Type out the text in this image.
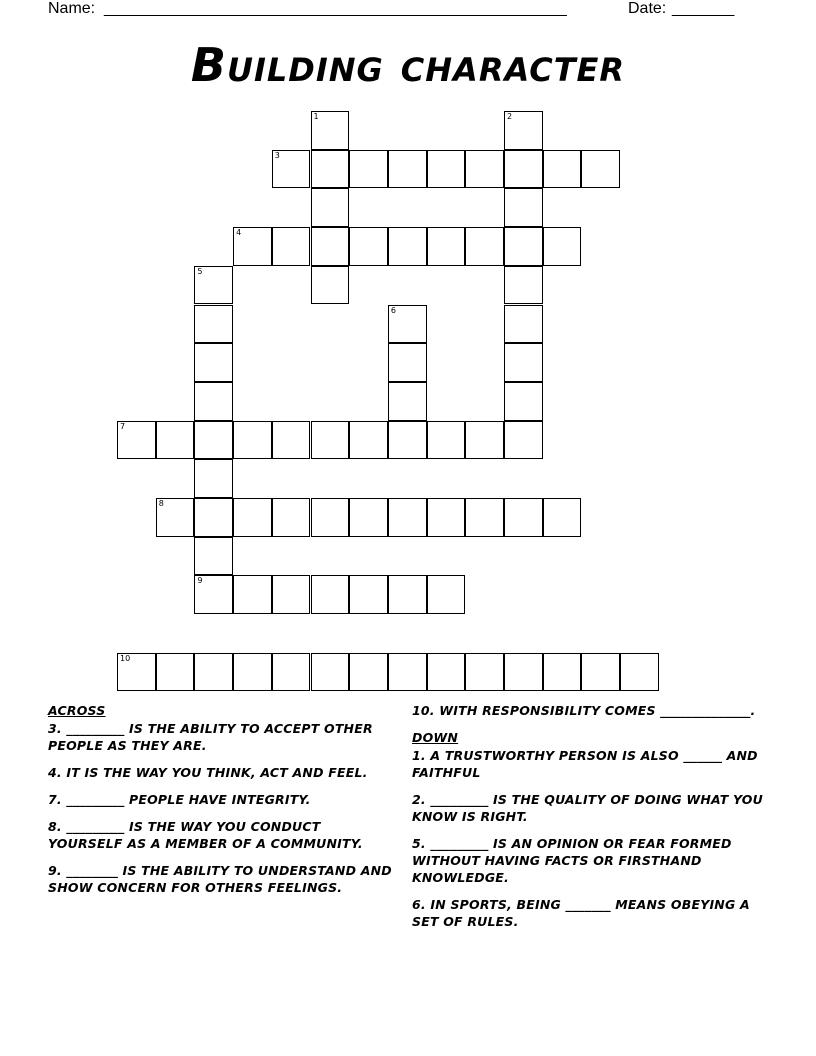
Name: ____________________________________________________	Date: _______
Building character
1	2
3
4
5
9
6
7
8
10
ACROSS
3. _________ IS THE ABILITY TO ACCEPT OTHER PEOPLE AS THEY ARE.
4. IT IS THE WAY YOU THINK, ACT AND FEEL.
7. _________ PEOPLE HAVE INTEGRITY.
8. _________ IS THE WAY YOU CONDUCT YOURSELF AS A MEMBER OF A COMMUNITY.
9. ________ IS THE ABILITY TO UNDERSTAND AND SHOW CONCERN FOR OTHERS FEELINGS.
10. WITH RESPONSIBILITY COMES ______________.
DOWN
1. A TRUSTWORTHY PERSON IS ALSO ______ AND FAITHFUL
2. _________ IS THE QUALITY OF DOING WHAT YOU KNOW IS RIGHT.
5. _________ IS AN OPINION OR FEAR FORMED WITHOUT HAVING FACTS OR FIRSTHAND KNOWLEDGE.
6. IN SPORTS, BEING _______ MEANS OBEYING A SET OF RULES.
